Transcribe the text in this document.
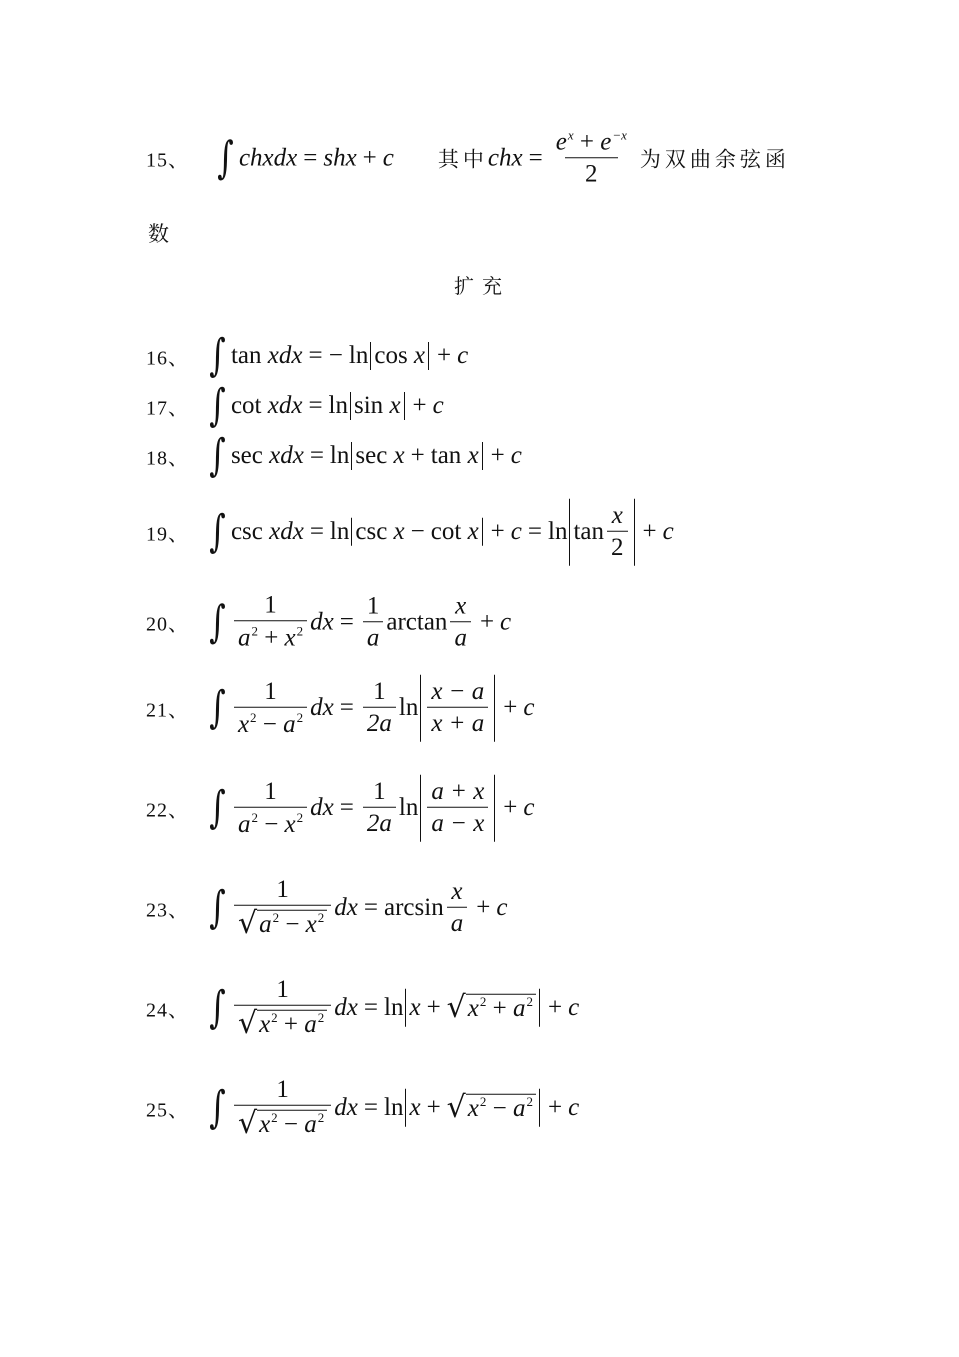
15、 ∫ chxdx = shx + c 其中 chx = $\frac{e^x + e^{-x}}{2}$ 为双曲余弦函
数
扩充
16、 ∫ tan
xdx = − ln cos
x + c
17、 ∫ cot
xdx = ln sin
x + c
18、 ∫ sec
xdx = ln sec
x + tan
x + c
19、 ∫ csc
xdx = ln csc
x − cot
x + c = ln tan
x
2
+ c
20、 ∫ 1
$a^2 + x^2$ dx = $\frac{1}{a}$ arctan
x
a
+ c
21、 ∫ 1
$x^2 - a^2$ dx = $\frac{1}{2a}$ ln
x − a
x + a
+ c
22、 ∫ 1
$a^2 - x^2$ dx = $\frac{1}{2a}$ ln
a + x
a − x
+ c
23、 ∫ 1
√ $a^2 - x^2$ dx = arcsin
x
a
+ c
24、 ∫ 1
√ $x^2 + a^2$ dx = ln x + √ $x^2 + a^2 + c$
25、 ∫ 1
√ $x^2 - a^2$ dx = ln x + √ $x^2 - a^2 + c$
